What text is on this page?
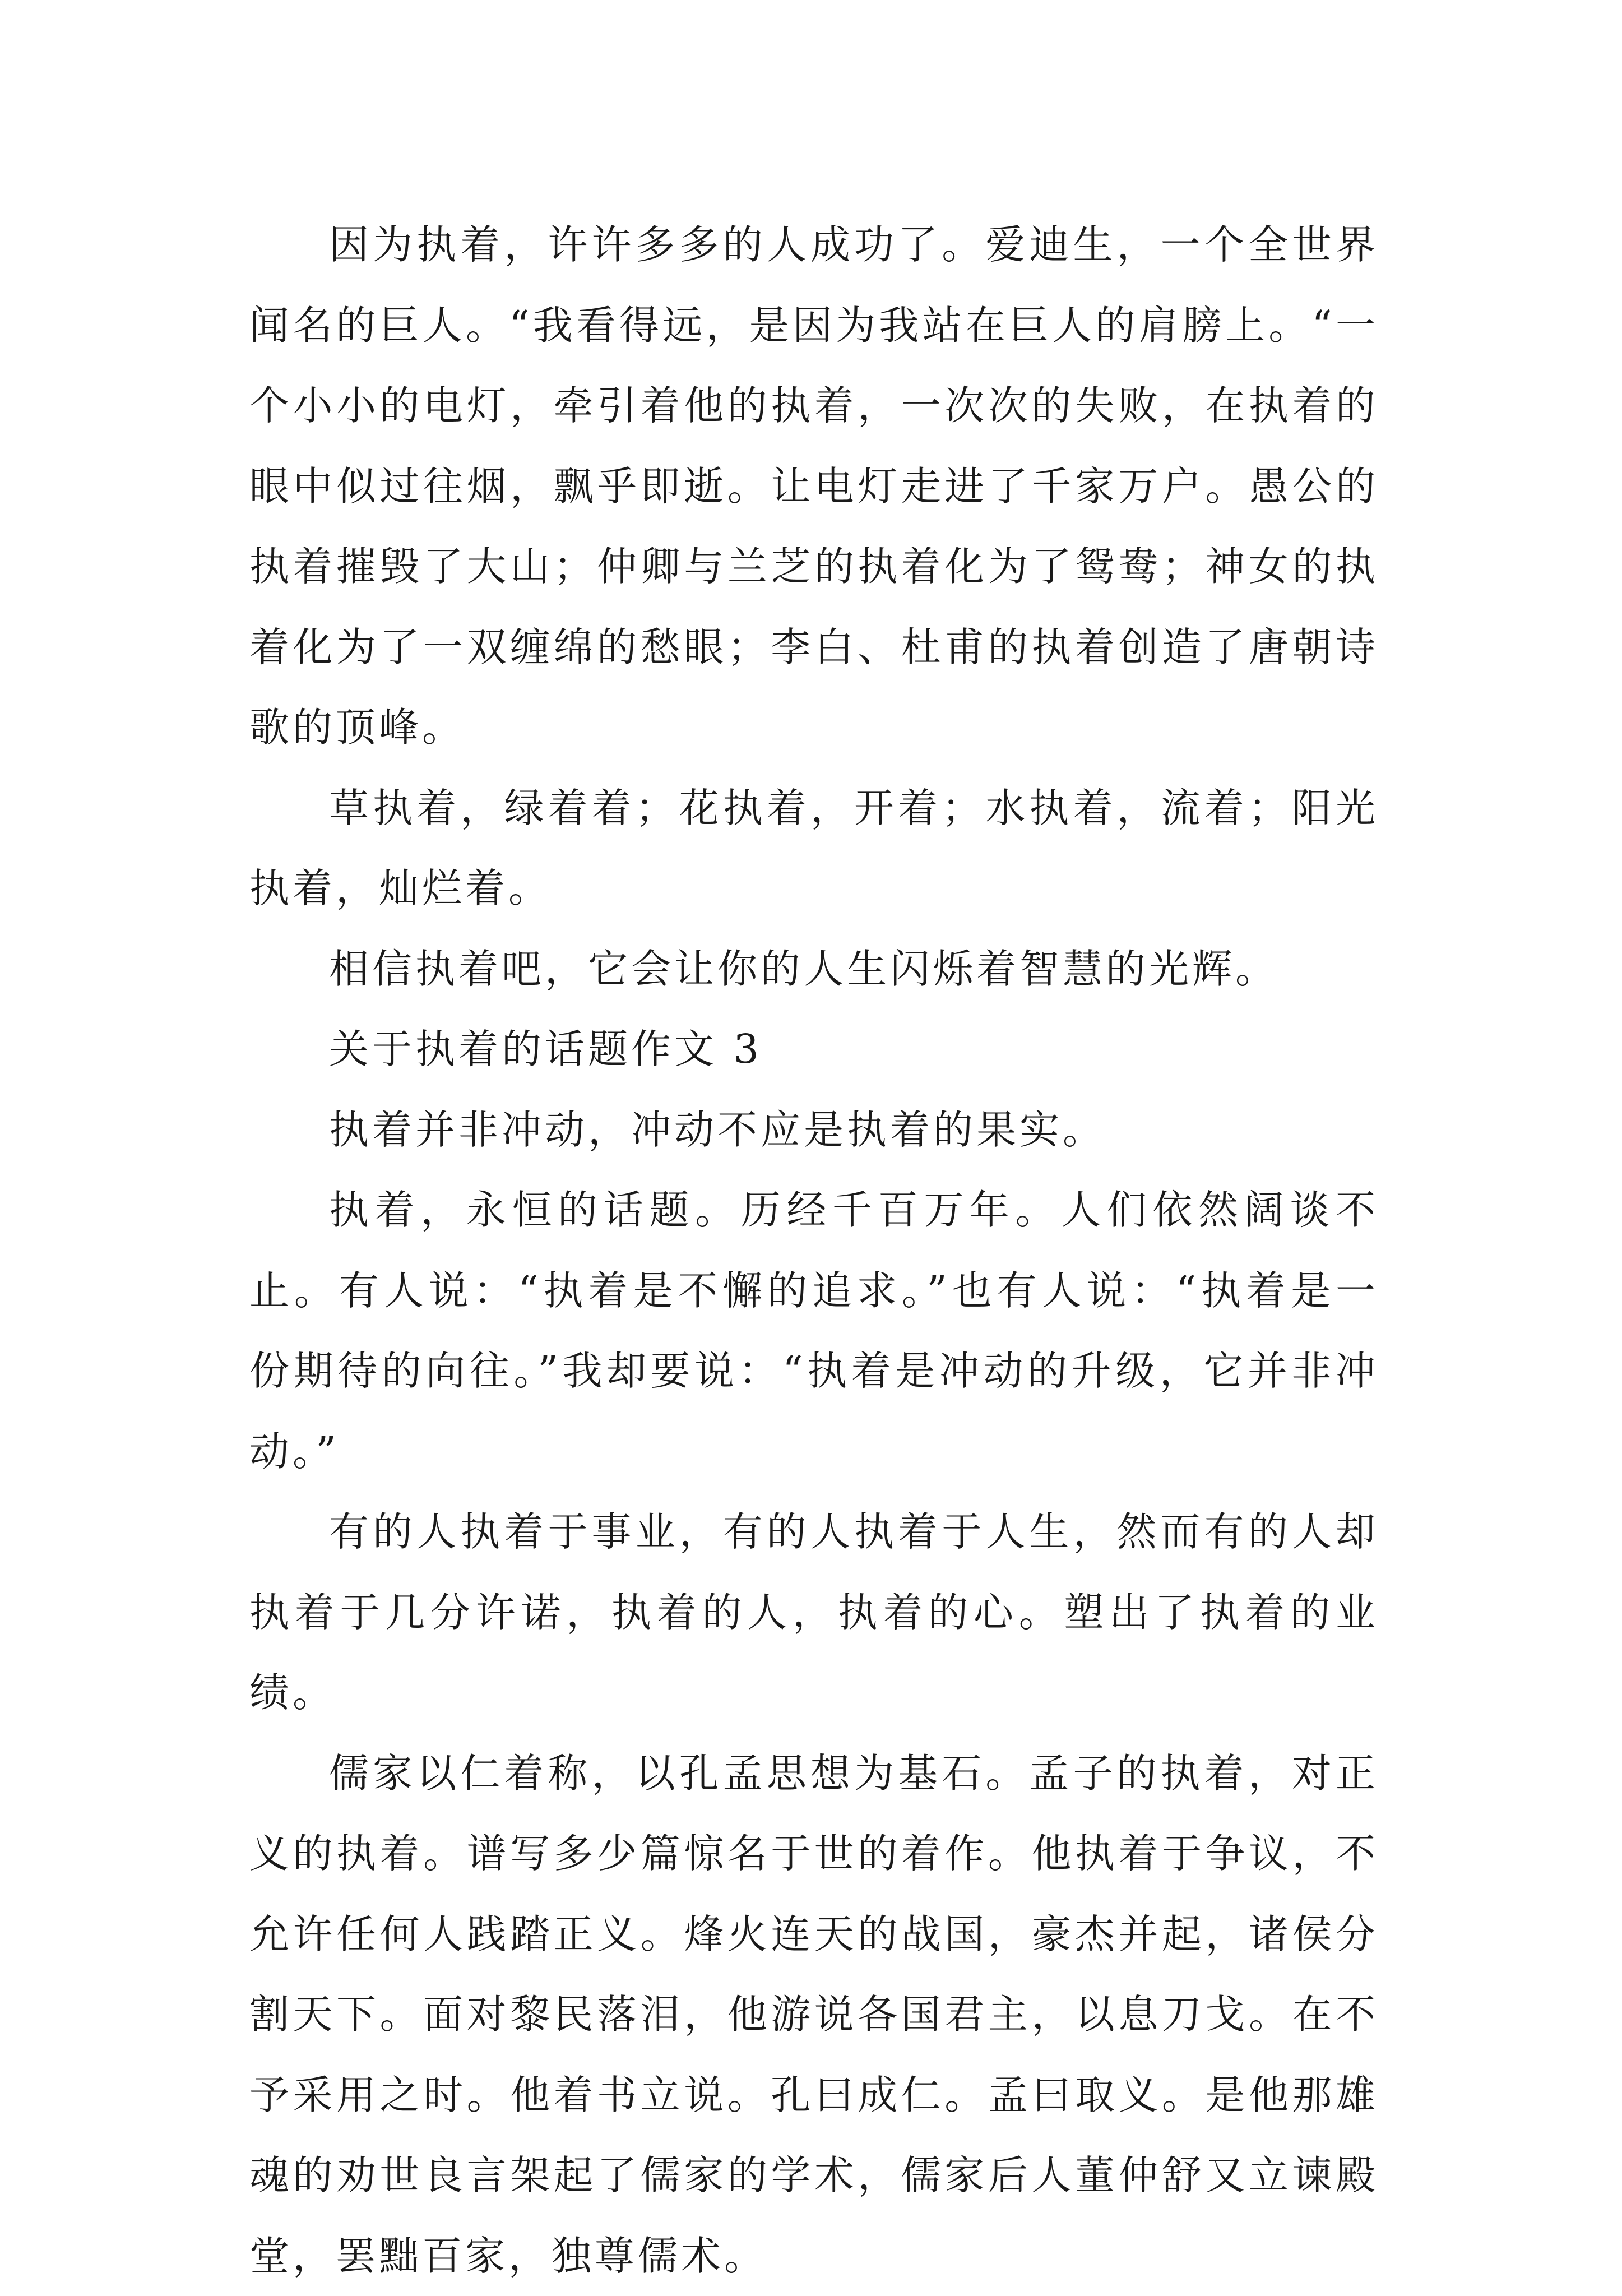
因为执着，许许多多的人成功了。爱迪生，一个全世界闻名的巨人。“我看得远，是因为我站在巨人的肩膀上。“一个小小的电灯，牵引着他的执着，一次次的失败，在执着的眼中似过往烟，飘乎即逝。让电灯走进了千家万户。愚公的执着摧毁了大山；仲卿与兰芝的执着化为了鸳鸯；神女的执着化为了一双缠绵的愁眼；李白、杜甫的执着创造了唐朝诗歌的顶峰。

草执着，绿着着；花执着，开着；水执着，流着；阳光执着，灿烂着。

相信执着吧，它会让你的人生闪烁着智慧的光辉。

关于执着的话题作文 3

执着并非冲动，冲动不应是执着的果实。

执着，永恒的话题。历经千百万年。人们依然阔谈不止。有人说：“执着是不懈的追求。”也有人说：“执着是一份期待的向往。”我却要说：“执着是冲动的升级，它并非冲动。”

有的人执着于事业，有的人执着于人生，然而有的人却执着于几分许诺，执着的人，执着的心。塑出了执着的业绩。

儒家以仁着称，以孔孟思想为基石。孟子的执着，对正义的执着。谱写多少篇惊名于世的着作。他执着于争议，不允许任何人践踏正义。烽火连天的战国，豪杰并起，诸侯分割天下。面对黎民落泪，他游说各国君主，以息刀戈。在不予采用之时。他着书立说。孔曰成仁。孟曰取义。是他那雄魂的劝世良言架起了儒家的学术，儒家后人董仲舒又立谏殿堂，罢黜百家，独尊儒术。
